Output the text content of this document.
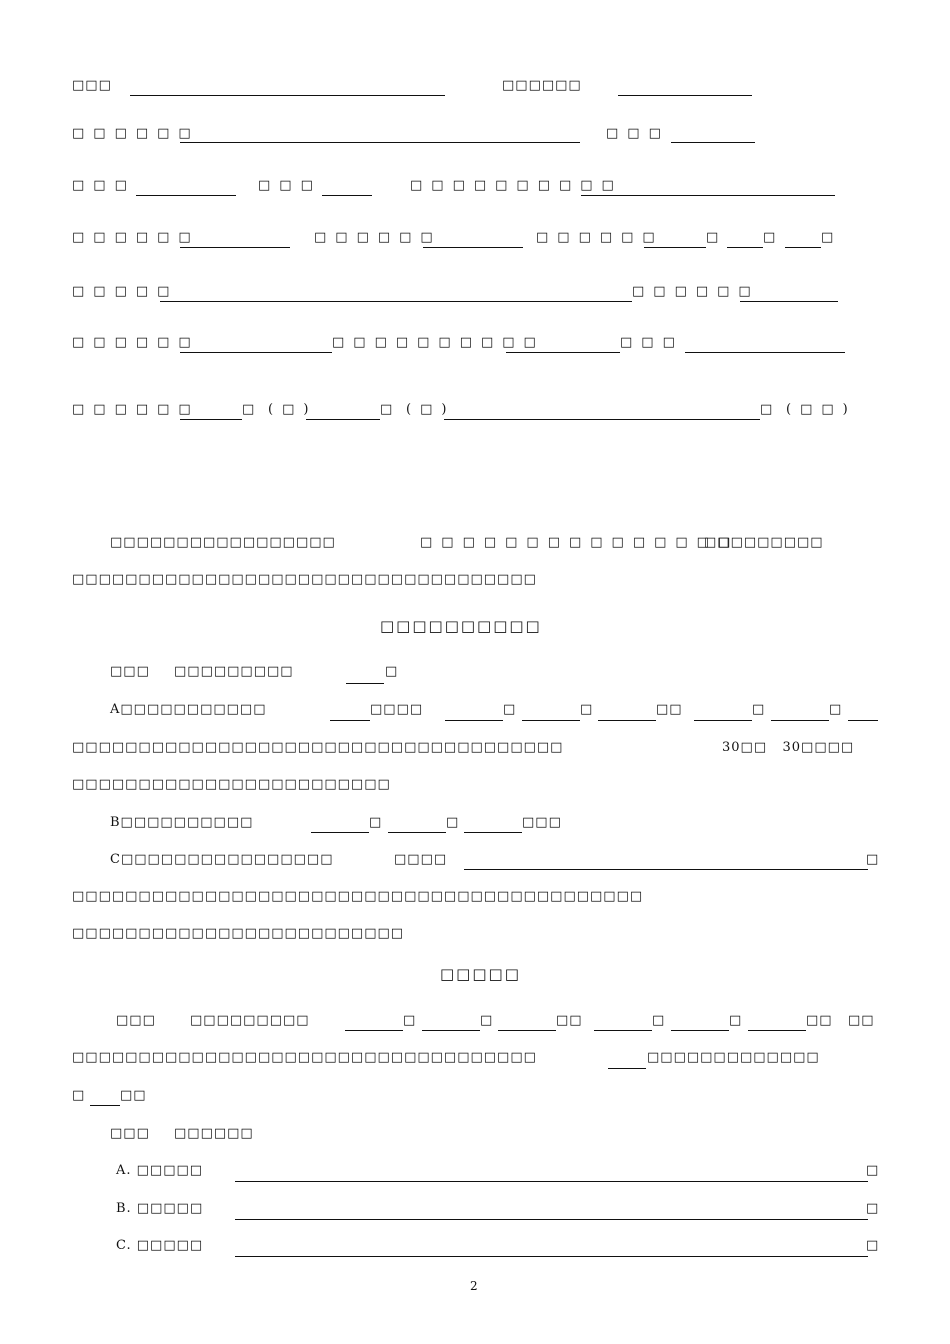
□□□	□□□□□□
□□□□□□	□□□
□□□	□□□	□□□□□□□□□□
□□□□□□	□□□□□□	□□□□□□	□	□	□
□□□□□	□□□□□□
□□□□□□	□□□□□□□□□□	□□□
□□□□□□	□ (□)	□ (□)	□ (□□)
□□□□□□□□□□□□□□□□□	□□□□□□□□□□□□□□□
□□□□□□□□□
□□□□□□□□□□□□□□□□□□□□□□□□□□□□□□□□□□□
□□□□□□□□□□
□□□ □□□□□□□□□	□
A□□□□□□□□□□□	□□□□	□	□	□□	□	□
□□□□□□□□□□□□□□□□□□□□□□□□□□□□□□□□□□□□□	30□□   30□□□□
□□□□□□□□□□□□□□□□□□□□□□□□
B□□□□□□□□□□	□	□	□□□
C□□□□□□□□□□□□□□□□	□□□□	□
□□□□□□□□□□□□□□□□□□□□□□□□□□□□□□□□□□□□□□□□□□□
□□□□□□□□□□□□□□□□□□□□□□□□□
□□□□□
□□□	□□□□□□□□□	□	□	□□	□	□	□□   □□
□□□□□□□□□□□□□□□□□□□□□□□□□□□□□□□□□□□	□□□□□□□□□□□□□
□	□□
□□□ □□□□□□
A. □□□□□	□
B. □□□□□	□
C. □□□□□	□
2
